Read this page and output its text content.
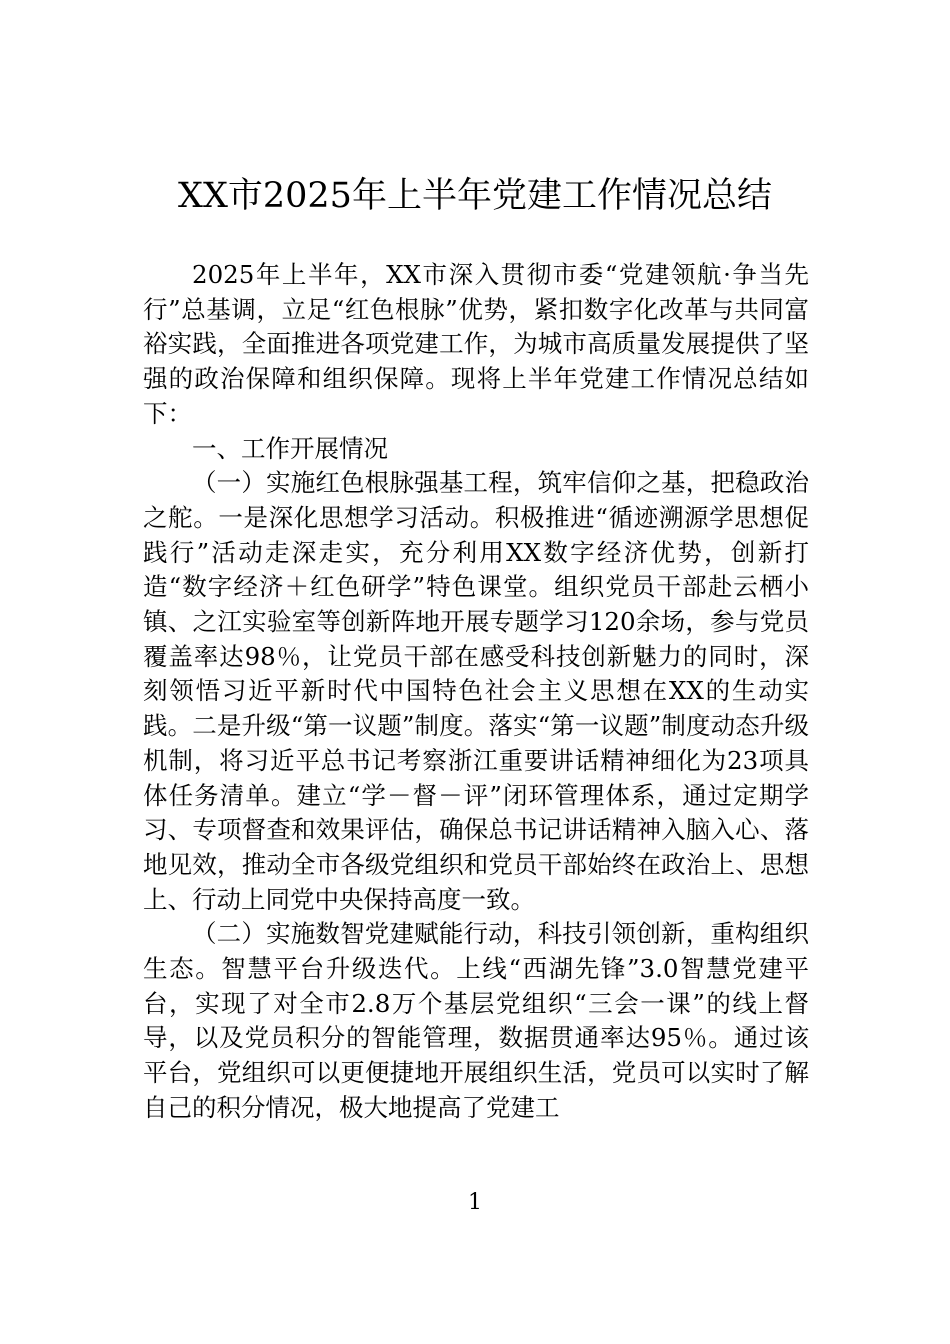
XX市2025年上半年党建工作情况总结

2025年上半年，XX市深入贯彻市委“党建领航·争当先行”总基调，立足“红色根脉”优势，紧扣数字化改革与共同富裕实践，全面推进各项党建工作，为城市高质量发展提供了坚强的政治保障和组织保障。现将上半年党建工作情况总结如下：

一、工作开展情况

（一）实施红色根脉强基工程，筑牢信仰之基，把稳政治之舵。一是深化思想学习活动。积极推进“循迹溯源学思想促践行”活动走深走实，充分利用XX数字经济优势，创新打造“数字经济＋红色研学”特色课堂。组织党员干部赴云栖小镇、之江实验室等创新阵地开展专题学习120余场，参与党员覆盖率达98％，让党员干部在感受科技创新魅力的同时，深刻领悟习近平新时代中国特色社会主义思想在XX的生动实践。二是升级“第一议题”制度。落实“第一议题”制度动态升级机制，将习近平总书记考察浙江重要讲话精神细化为23项具体任务清单。建立“学－督－评”闭环管理体系，通过定期学习、专项督查和效果评估，确保总书记讲话精神入脑入心、落地见效，推动全市各级党组织和党员干部始终在政治上、思想上、行动上同党中央保持高度一致。

（二）实施数智党建赋能行动，科技引领创新，重构组织生态。智慧平台升级迭代。上线“西湖先锋”3.0智慧党建平台，实现了对全市2.8万个基层党组织“三会一课”的线上督导，以及党员积分的智能管理，数据贯通率达95％。通过该平台，党组织可以更便捷地开展组织生活，党员可以实时了解自己的积分情况，极大地提高了党建工

1
